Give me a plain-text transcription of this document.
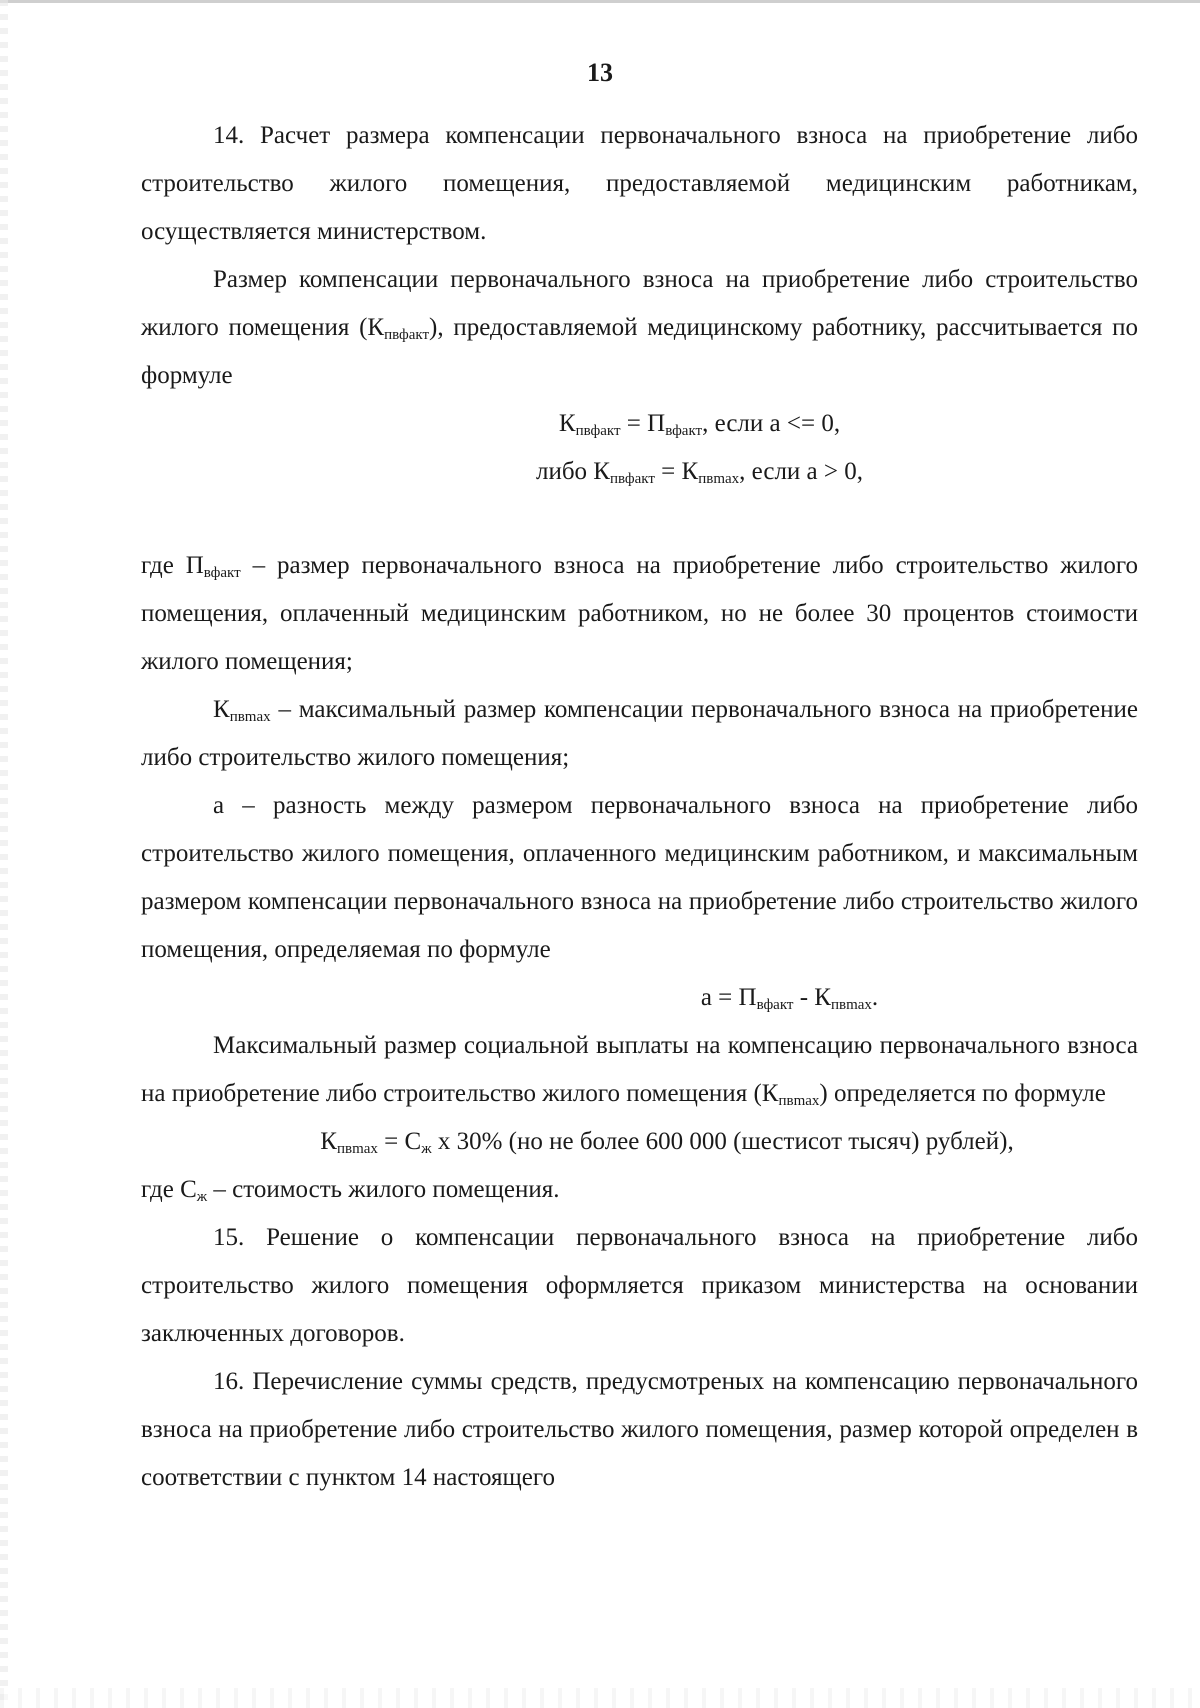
13

14. Расчет размера компенсации первоначального взноса на приобретение либо строительство жилого помещения, предоставляемой медицинским работникам, осуществляется министерством.

Размер компенсации первоначального взноса на приобретение либо строительство жилого помещения $(К_{пвфакт})$, предоставляемой медицинскому работнику, рассчитывается по формуле

$К_{пвфакт} = П_{вфакт}$, если а <= 0,

либо $К_{пвфакт} = К_{пвmax}$, если а > 0,

где $П_{вфакт}$ – размер первоначального взноса на приобретение либо строительство жилого помещения, оплаченный медицинским работником, но не более 30 процентов стоимости жилого помещения;

$К_{пвmax}$ – максимальный размер компенсации первоначального взноса на приобретение либо строительство жилого помещения;

а – разность между размером первоначального взноса на приобретение либо строительство жилого помещения, оплаченного медицинским работником, и максимальным размером компенсации первоначального взноса на приобретение либо строительство жилого помещения, определяемая по формуле

$а = П_{вфакт} - К_{пвmax}$.

Максимальный размер социальной выплаты на компенсацию первоначального взноса на приобретение либо строительство жилого помещения $(К_{пвmax})$ определяется по формуле

$К_{пвmax} = С_ж$ х 30% (но не более 600 000 (шестисот тысяч) рублей),

где $С_ж$ – стоимость жилого помещения.

15. Решение о компенсации первоначального взноса на приобретение либо строительство жилого помещения оформляется приказом министерства на основании заключенных договоров.

16. Перечисление суммы средств, предусмотреных на компенсацию первоначального взноса на приобретение либо строительство жилого помещения, размер которой определен в соответствии с пунктом 14 настоящего
